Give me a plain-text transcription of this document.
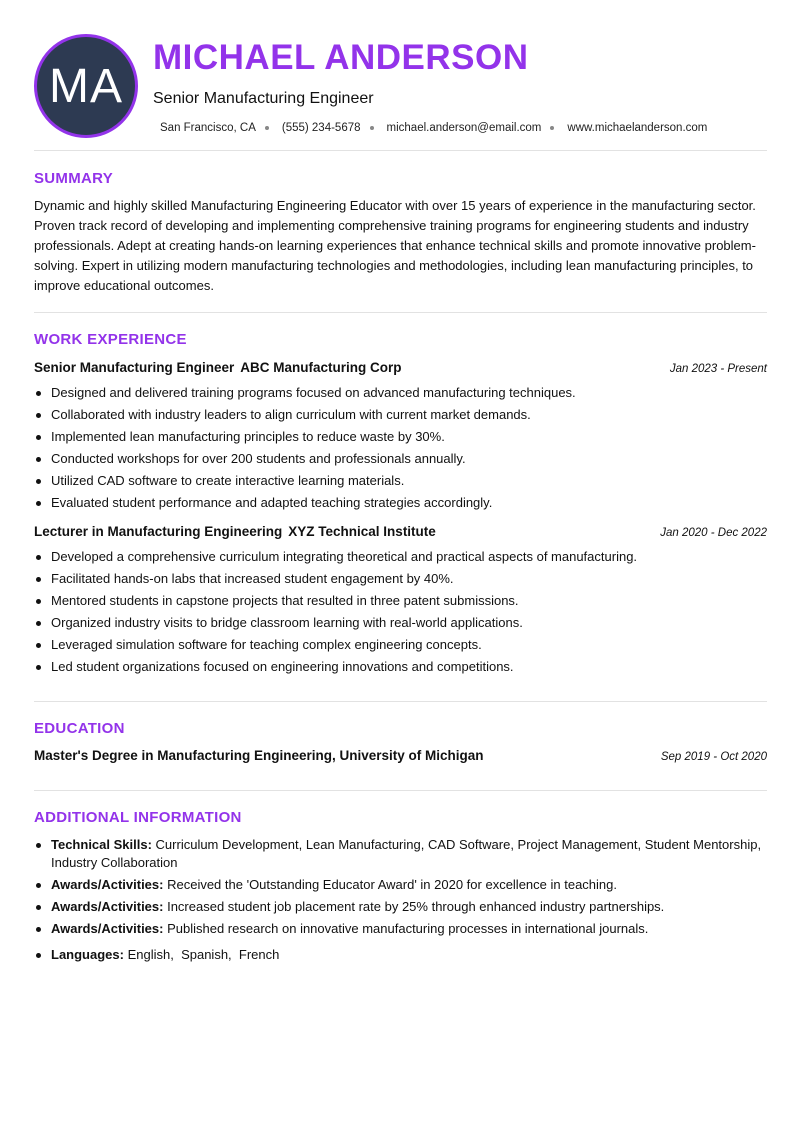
MA
MICHAEL ANDERSON
Senior Manufacturing Engineer
San Francisco, CA (555) 234-5678 michael.anderson@email.com www.michaelanderson.com
SUMMARY
Dynamic and highly skilled Manufacturing Engineering Educator with over 15 years of experience in the manufacturing sector. Proven track record of developing and implementing comprehensive training programs for engineering students and industry professionals. Adept at creating hands-on learning experiences that enhance technical skills and promote innovative problem-solving. Expert in utilizing modern manufacturing technologies and methodologies, including lean manufacturing principles, to improve educational outcomes.
WORK EXPERIENCE
Senior Manufacturing Engineer ABC Manufacturing Corp	Jan 2023 - Present
Designed and delivered training programs focused on advanced manufacturing techniques.
Collaborated with industry leaders to align curriculum with current market demands.
Implemented lean manufacturing principles to reduce waste by 30%.
Conducted workshops for over 200 students and professionals annually.
Utilized CAD software to create interactive learning materials.
Evaluated student performance and adapted teaching strategies accordingly.
Lecturer in Manufacturing Engineering XYZ Technical Institute	Jan 2020 - Dec 2022
Developed a comprehensive curriculum integrating theoretical and practical aspects of manufacturing.
Facilitated hands-on labs that increased student engagement by 40%.
Mentored students in capstone projects that resulted in three patent submissions.
Organized industry visits to bridge classroom learning with real-world applications.
Leveraged simulation software for teaching complex engineering concepts.
Led student organizations focused on engineering innovations and competitions.
EDUCATION
Master's Degree in Manufacturing Engineering, University of Michigan	Sep 2019 - Oct 2020
ADDITIONAL INFORMATION
Technical Skills: Curriculum Development, Lean Manufacturing, CAD Software, Project Management, Student Mentorship, Industry Collaboration
Awards/Activities: Received the 'Outstanding Educator Award' in 2020 for excellence in teaching.
Awards/Activities: Increased student job placement rate by 25% through enhanced industry partnerships.
Awards/Activities: Published research on innovative manufacturing processes in international journals.
Languages: English,  Spanish,  French
